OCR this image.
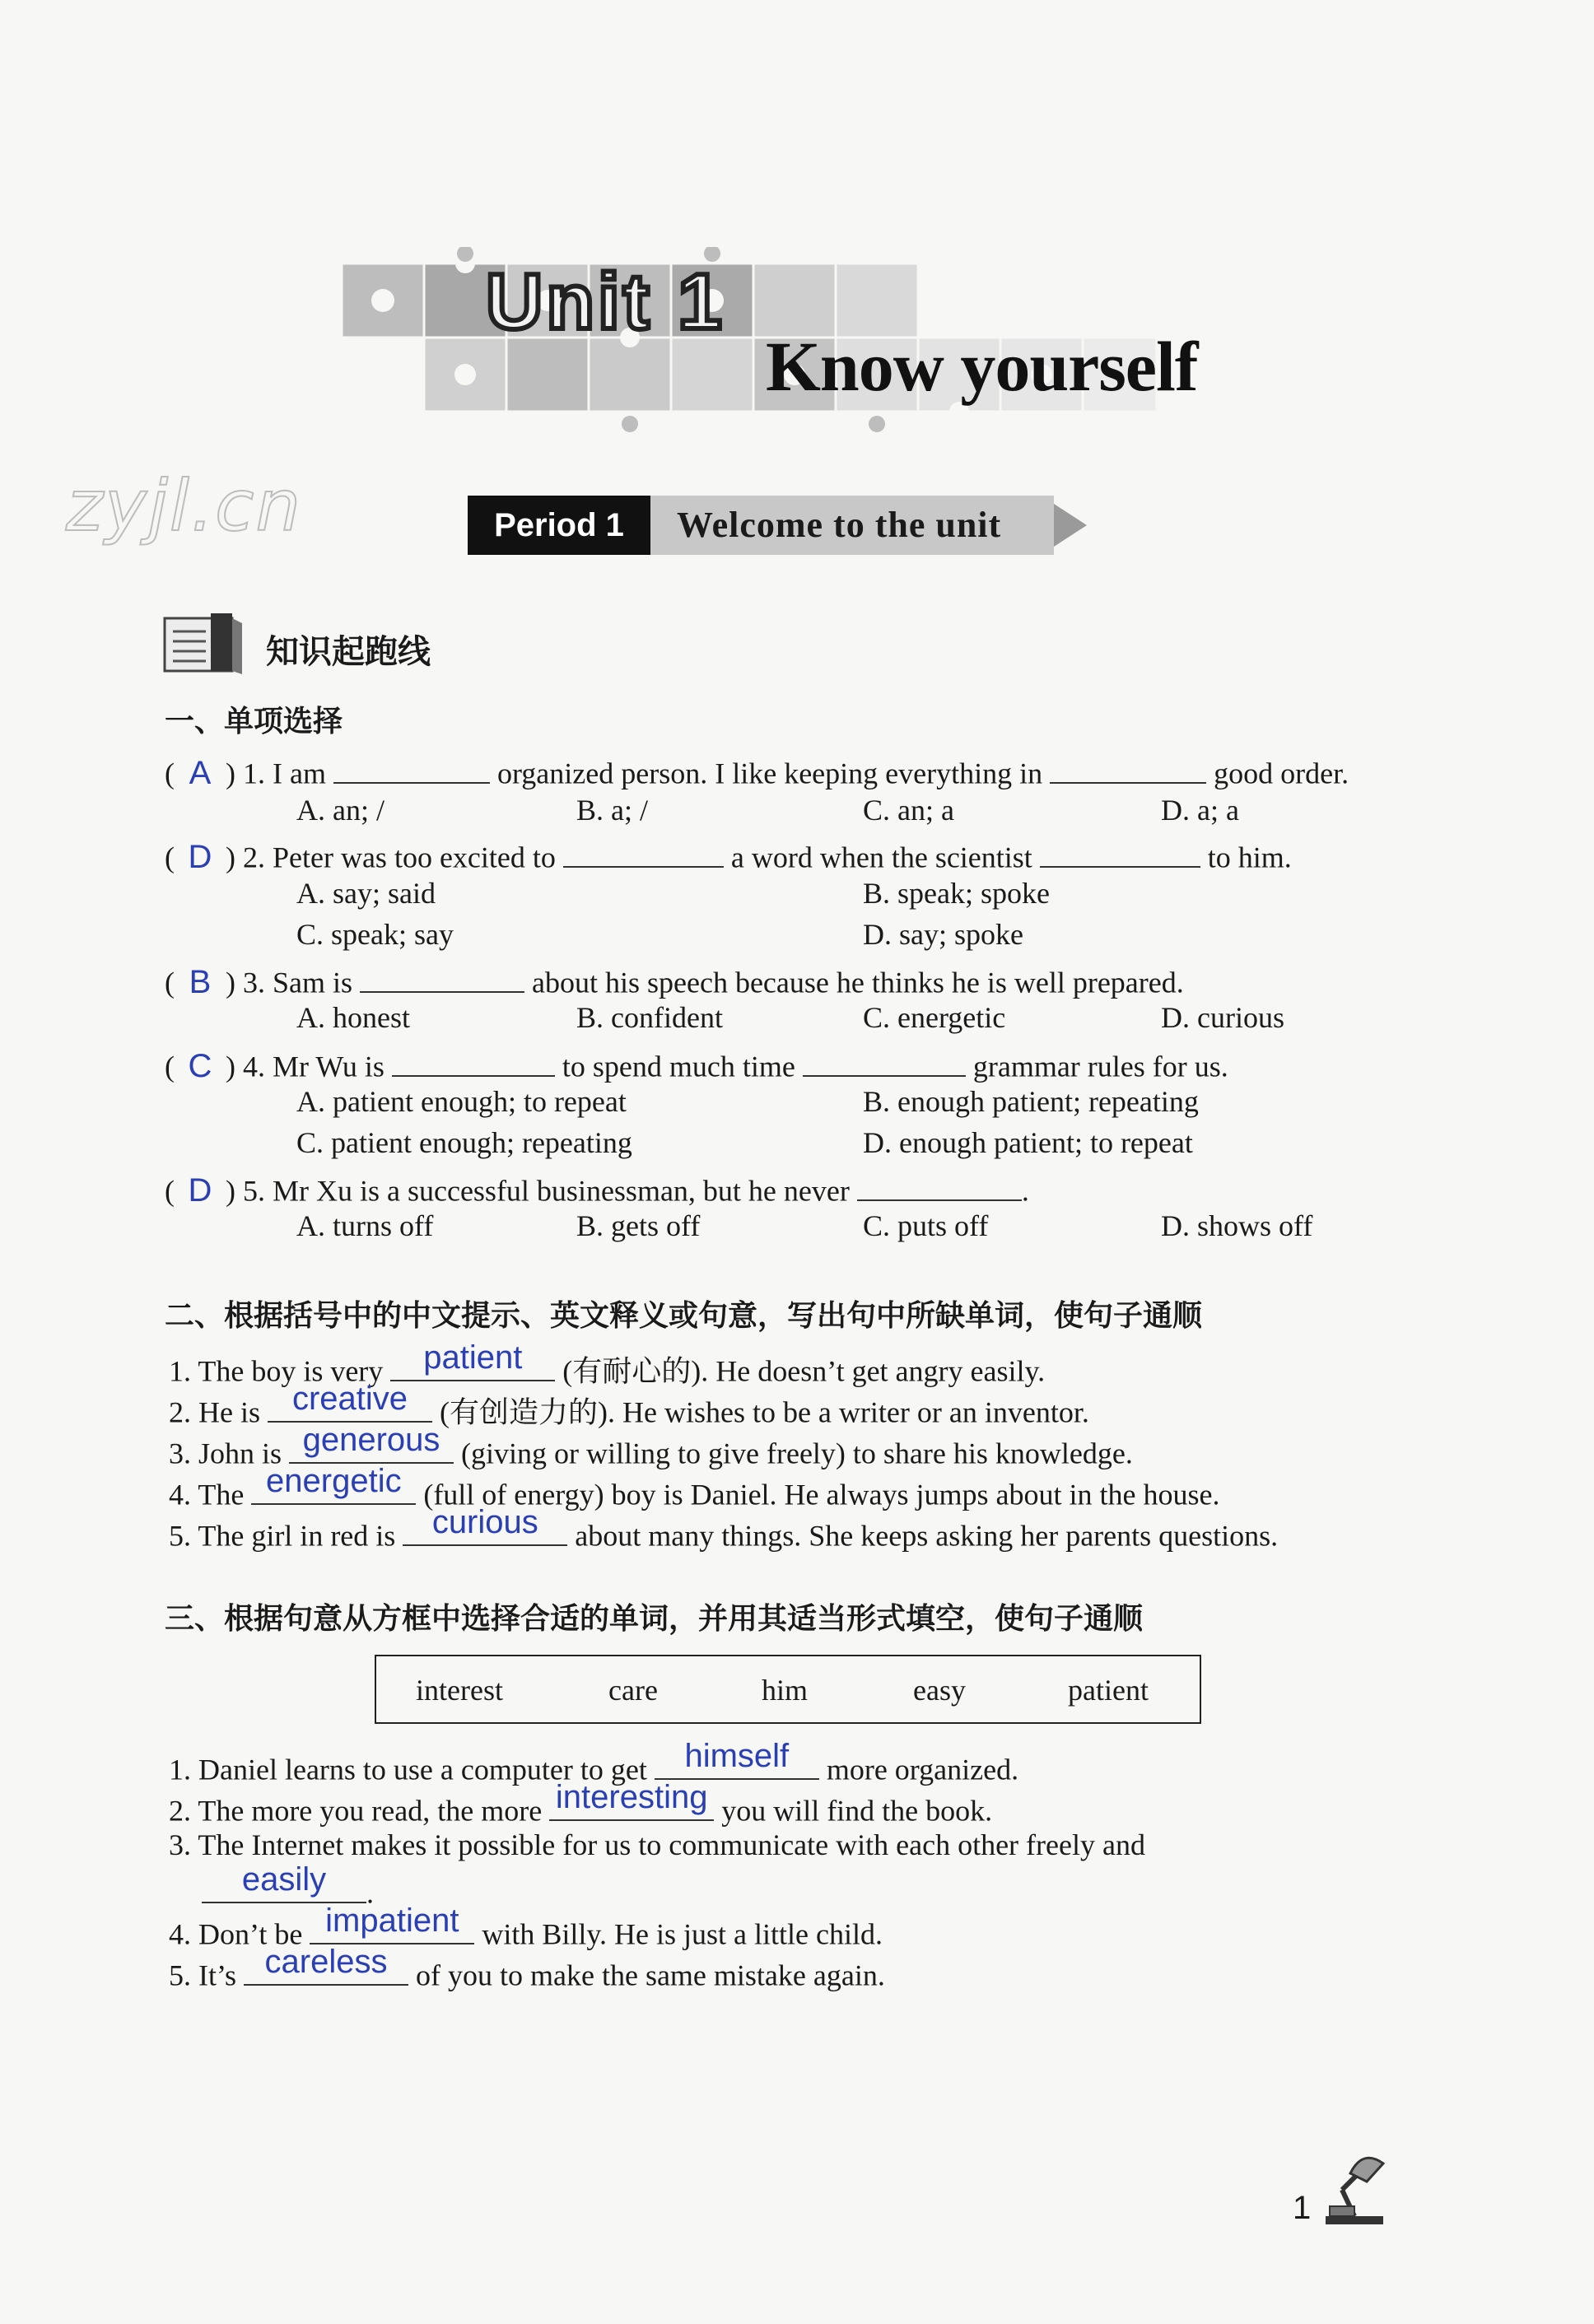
Unit 1
Know yourself
zyjl.cn	Period 1	Welcome to the unit
知识起跑线
一、单项选择
( A ) 1. I am	organized person. I like keeping everything in	good order.
A. an; /	B. a; /	C. an; a	D. a; a
( D ) 2. Peter was too excited to	a word when the scientist	to him.
A. say; said	B. speak; spoke
C. speak; say	D. say; spoke
( B ) 3. Sam is	about his speech because he thinks he is well prepared.
A. honest	B. confident	C. energetic	D. curious
( C ) 4. Mr Wu is	to spend much time	grammar rules for us.
A. patient enough; to repeat	B. enough patient; repeating
C. patient enough; repeating	D. enough patient; to repeat
( D ) 5. Mr Xu is a successful businessman, but he never	.
A. turns off	B. gets off	C. puts off	D. shows off
二、根据括号中的中文提示、英文释义或句意，写出句中所缺单词，使句子通顺
1. The boy is very	patient	(有耐心的). He doesn’t get angry easily.
2. He is creative	(有创造力的). He wishes to be a writer or an inventor.
3. John is generous (giving or willing to give freely) to share his knowledge.
4. The energetic (full of energy) boy is Daniel. He always jumps about in the house.
5. The girl in red is	curious	about many things. She keeps asking her parents questions.
三、根据句意从方框中选择合适的单词，并用其适当形式填空，使句子通顺
interest	care	him	easy	patient
1. Daniel learns to use a computer to get	himself	more organized.
2. The more you read, the more interesting you will find the book.
3. The Internet makes it possible for us to communicate with each other freely and
easily	.
4. Don’t be impatient with Billy. He is just a little child.
5. It’s careless of you to make the same mistake again.
1
